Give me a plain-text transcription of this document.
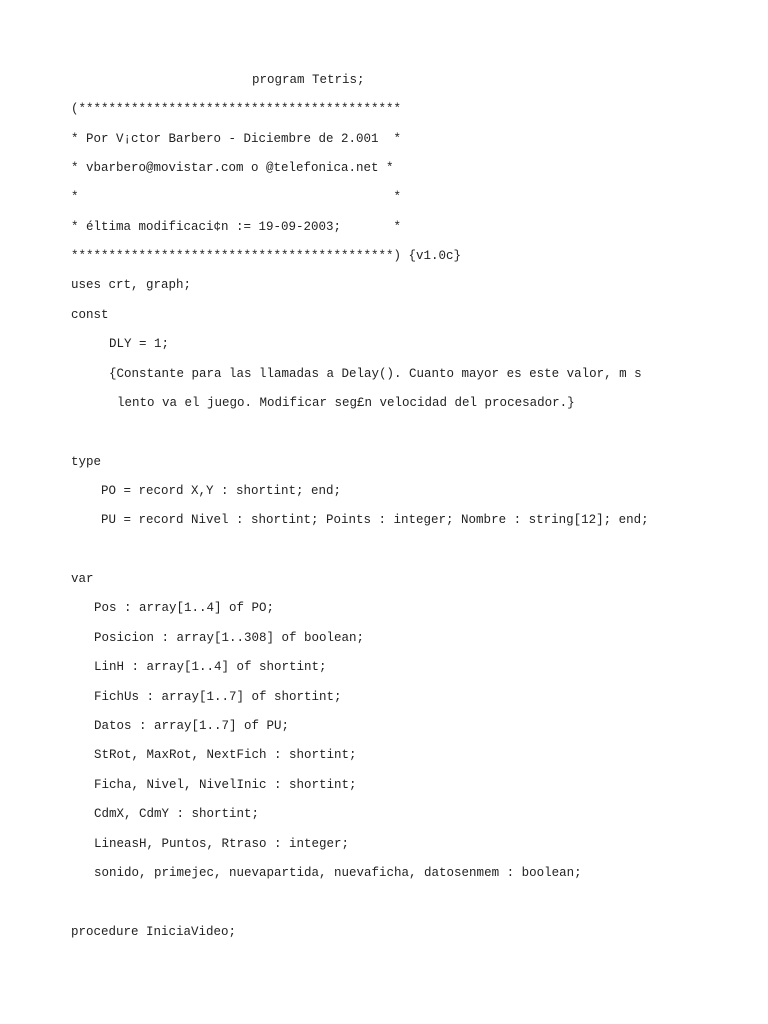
program Tetris;
(*******************************************
* Por V¡ctor Barbero - Diciembre de 2.001  *
* vbarbero@movistar.com o @telefonica.net *
*                                          *
* éltima modificaci¢n := 19-09-2003;       *
*******************************************) {v1.0c}
uses crt, graph;
const
DLY = 1;
{Constante para las llamadas a Delay(). Cuanto mayor es este valor, m s
lento va el juego. Modificar seg£n velocidad del procesador.}
type
PO = record X,Y : shortint; end;
PU = record Nivel : shortint; Points : integer; Nombre : string[12]; end;
var
Pos : array[1..4] of PO;
Posicion : array[1..308] of boolean;
LinH : array[1..4] of shortint;
FichUs : array[1..7] of shortint;
Datos : array[1..7] of PU;
StRot, MaxRot, NextFich : shortint;
Ficha, Nivel, NivelInic : shortint;
CdmX, CdmY : shortint;
LineasH, Puntos, Rtraso : integer;
sonido, primejec, nuevapartida, nuevaficha, datosenmem : boolean;
procedure IniciaVideo;
